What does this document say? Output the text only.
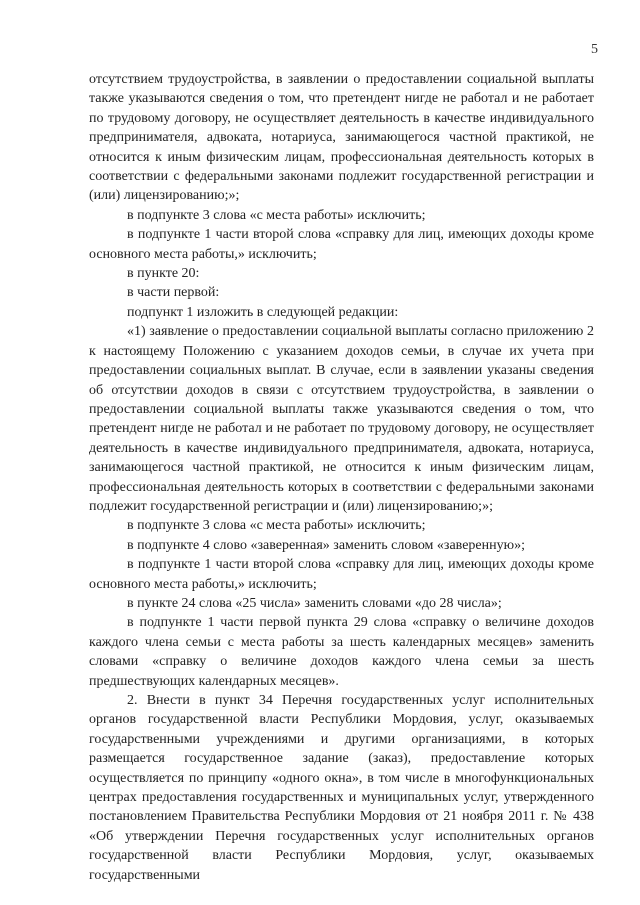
5

отсутствием трудоустройства, в заявлении о предоставлении социальной выплаты также указываются сведения о том, что претендент нигде не работал и не работает по трудовому договору, не осуществляет деятельность в качестве индивидуального предпринимателя, адвоката, нотариуса, занимающегося частной практикой, не относится к иным физическим лицам, профессиональная деятельность которых в соответствии с федеральными законами подлежит государственной регистрации и (или) лицензированию;»;

в подпункте 3 слова «с места работы» исключить;

в подпункте 1 части второй слова «справку для лиц, имеющих доходы кроме основного места работы,» исключить;

в пункте 20:

в части первой:

подпункт 1 изложить в следующей редакции:

«1) заявление о предоставлении социальной выплаты согласно приложению 2 к настоящему Положению с указанием доходов семьи, в случае их учета при предоставлении социальных выплат. В случае, если в заявлении указаны сведения об отсутствии доходов в связи с отсутствием трудоустройства, в заявлении о предоставлении социальной выплаты также указываются сведения о том, что претендент нигде не работал и не работает по трудовому договору, не осуществляет деятельность в качестве индивидуального предпринимателя, адвоката, нотариуса, занимающегося частной практикой, не относится к иным физическим лицам, профессиональная деятельность которых в соответствии с федеральными законами подлежит государственной регистрации и (или) лицензированию;»;

в подпункте 3 слова «с места работы» исключить;

в подпункте 4 слово «заверенная» заменить словом «заверенную»;

в подпункте 1 части второй слова «справку для лиц, имеющих доходы кроме основного места работы,» исключить;

в пункте 24 слова «25 числа» заменить словами «до 28 числа»;

в подпункте 1 части первой пункта 29 слова «справку о величине доходов каждого члена семьи с места работы за шесть календарных месяцев» заменить словами «справку о величине доходов каждого члена семьи за шесть предшествующих календарных месяцев».

2. Внести в пункт 34 Перечня государственных услуг исполнительных органов государственной власти Республики Мордовия, услуг, оказываемых государственными учреждениями и другими организациями, в которых размещается государственное задание (заказ), предоставление которых осуществляется по принципу «одного окна», в том числе в многофункциональных центрах предоставления государственных и муниципальных услуг, утвержденного постановлением Правительства Республики Мордовия от 21 ноября 2011 г. № 438 «Об утверждении Перечня государственных услуг исполнительных органов государственной власти Республики Мордовия, услуг, оказываемых государственными
